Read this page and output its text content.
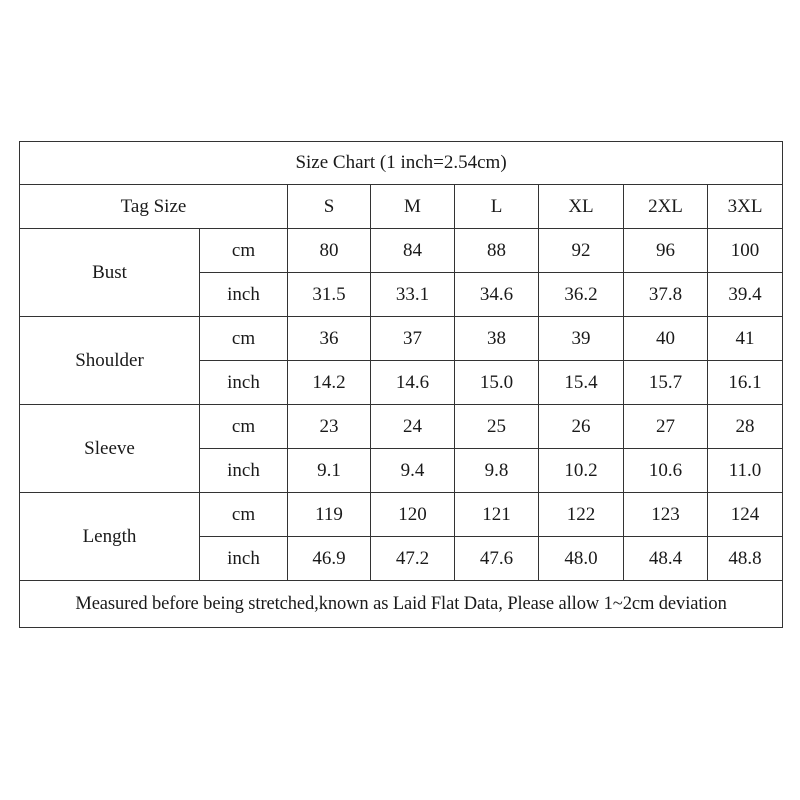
Size Chart (1 inch=2.54cm)							
Tag Size		S	M	L	XL	2XL	3XL
Bust	cm	80	84	88	92	96	100
	inch	31.5	33.1	34.6	36.2	37.8	39.4
Shoulder	cm	36	37	38	39	40	41
	inch	14.2	14.6	15.0	15.4	15.7	16.1
Sleeve	cm	23	24	25	26	27	28
	inch	9.1	9.4	9.8	10.2	10.6	11.0
Length	cm	119	120	121	122	123	124
	inch	46.9	47.2	47.6	48.0	48.4	48.8
Measured before being stretched,known as Laid Flat Data, Please allow 1~2cm deviation							
